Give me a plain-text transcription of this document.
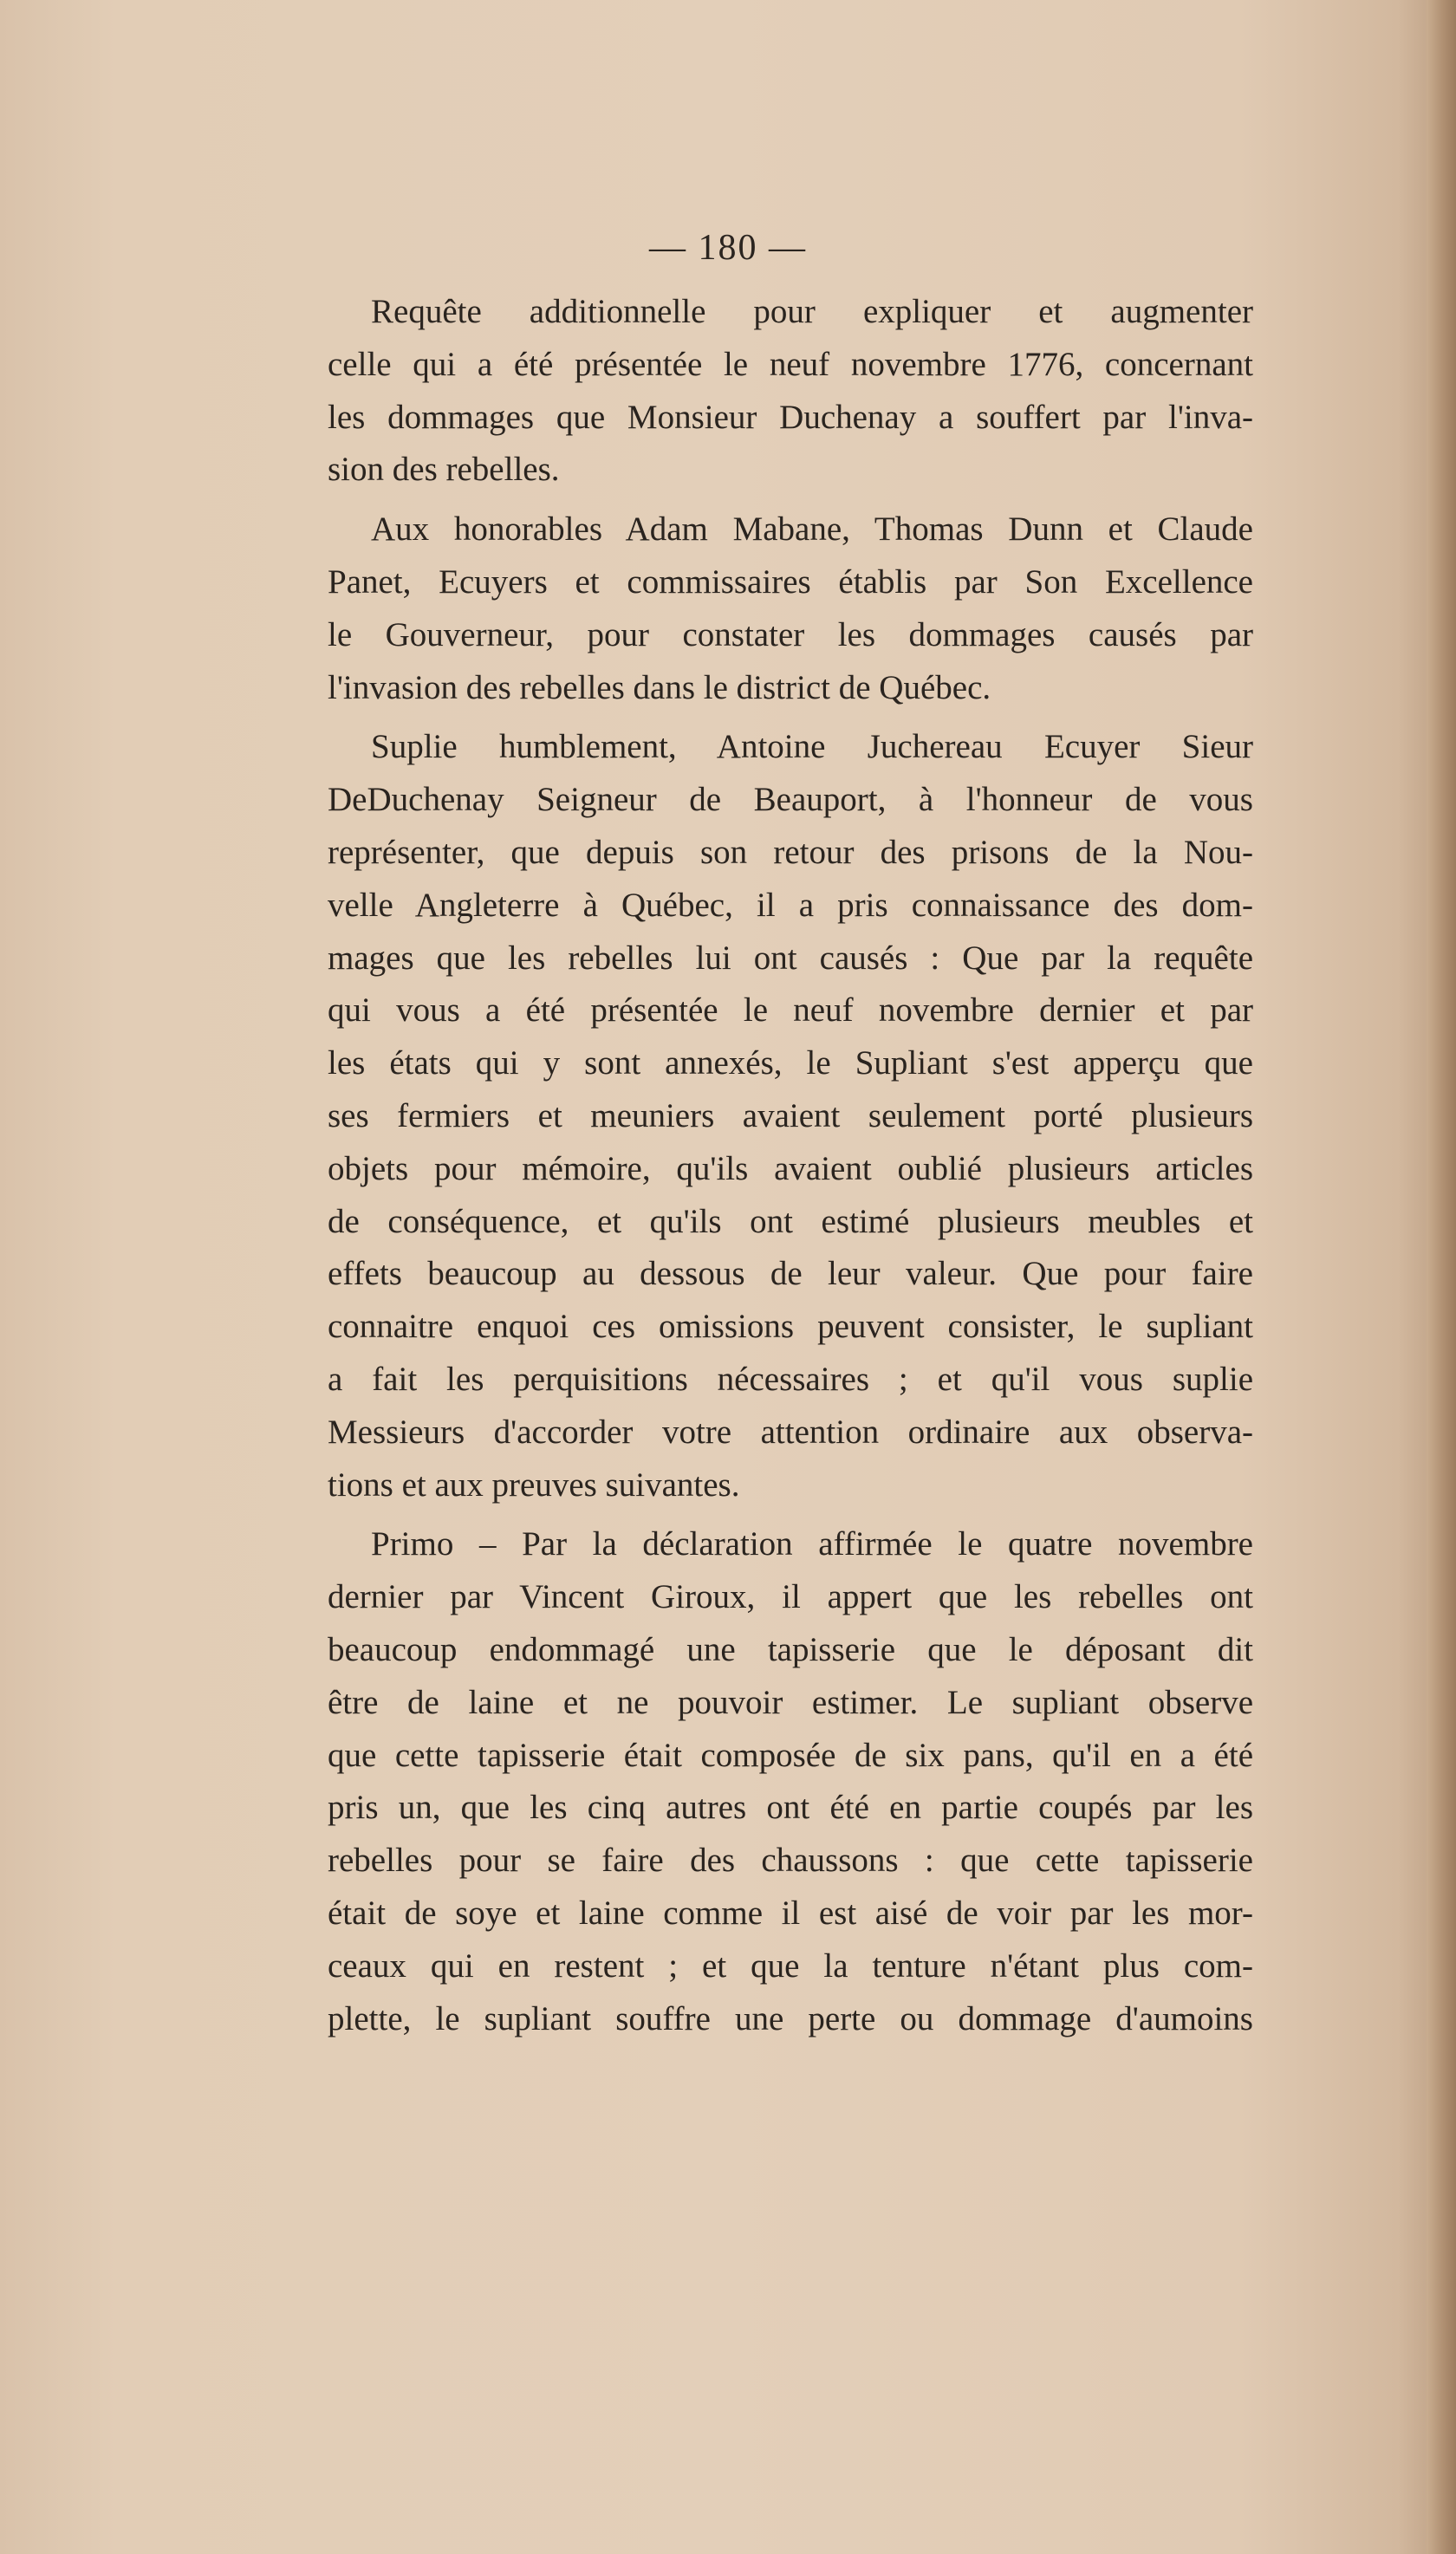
— 180 —
Requête additionnelle pour expliquer et augmenter
celle qui a été présentée le neuf novembre 1776, concernant
les dommages que Monsieur Duchenay a souffert par l'inva-
sion des rebelles.
Aux honorables Adam Mabane, Thomas Dunn et Claude
Panet, Ecuyers et commissaires établis par Son Excellence
le Gouverneur, pour constater les dommages causés par
l'invasion des rebelles dans le district de Québec.
Suplie humblement, Antoine Juchereau Ecuyer Sieur
DeDuchenay Seigneur de Beauport, à l'honneur de vous
représenter, que depuis son retour des prisons de la Nou-
velle Angleterre à Québec, il a pris connaissance des dom-
mages que les rebelles lui ont causés : Que par la requête
qui vous a été présentée le neuf novembre dernier et par
les états qui y sont annexés, le Supliant s'est apperçu que
ses fermiers et meuniers avaient seulement porté plusieurs
objets pour mémoire, qu'ils avaient oublié plusieurs articles
de conséquence, et qu'ils ont estimé plusieurs meubles et
effets beaucoup au dessous de leur valeur. Que pour faire
connaitre enquoi ces omissions peuvent consister, le supliant
a fait les perquisitions nécessaires ; et qu'il vous suplie
Messieurs d'accorder votre attention ordinaire aux observa-
tions et aux preuves suivantes.
Primo – Par la déclaration affirmée le quatre novembre
dernier par Vincent Giroux, il appert que les rebelles ont
beaucoup endommagé une tapisserie que le déposant dit
être de laine et ne pouvoir estimer. Le supliant observe
que cette tapisserie était composée de six pans, qu'il en a été
pris un, que les cinq autres ont été en partie coupés par les
rebelles pour se faire des chaussons : que cette tapisserie
était de soye et laine comme il est aisé de voir par les mor-
ceaux qui en restent ; et que la tenture n'étant plus com-
plette, le supliant souffre une perte ou dommage d'aumoins
